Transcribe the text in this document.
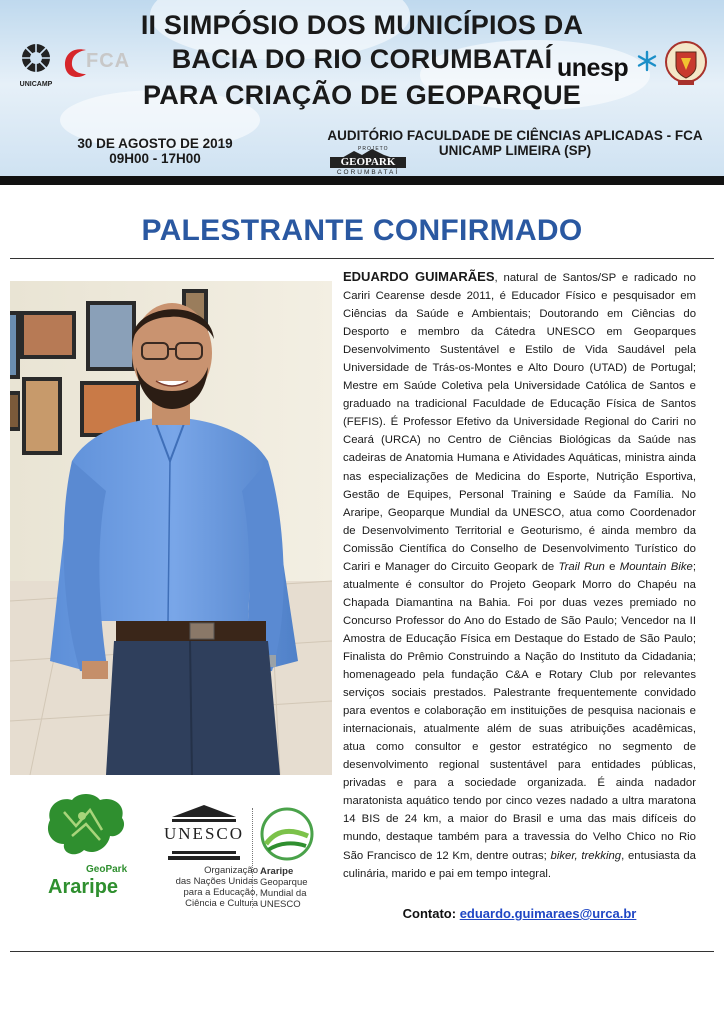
UNICAMP
FCA
II SIMPÓSIO DOS MUNICÍPIOS DA
BACIA DO RIO CORUMBATAÍ
PARA CRIAÇÃO DE GEOPARQUE
unesp
30 DE AGOSTO DE 2019
09H00 - 17H00
AUDITÓRIO FACULDADE DE CIÊNCIAS APLICADAS - FCA
UNICAMP LIMEIRA (SP)
PROJETO
GEOPARK
CORUMBATAÍ
PALESTRANTE CONFIRMADO
EDUARDO GUIMARÃES, natural de Santos/SP e radicado no Cariri Cearense desde 2011, é Educador Físico e pesquisador em Ciências da Saúde e Ambientais; Doutorando em Ciências do Desporto e membro da Cátedra UNESCO em Geoparques Desenvolvimento Sustentável e Estilo de Vida Saudável pela Universidade de Trás-os-Montes e Alto Douro (UTAD) de Portugal; Mestre em Saúde Coletiva pela Universidade Católica de Santos e graduado na tradicional Faculdade de Educação Física de Santos (FEFIS). É Professor Efetivo da Universidade Regional do Cariri no Ceará (URCA) no Centro de Ciências Biológicas da Saúde nas cadeiras de Anatomia Humana e Atividades Aquáticas, ministra ainda nas especializações de Medicina do Esporte, Nutrição Esportiva, Gestão de Equipes, Personal Training e Saúde da Família. No Araripe, Geoparque Mundial da UNESCO, atua como Coordenador de Desenvolvimento Territorial e Geoturismo, é ainda membro da Comissão Científica do Conselho de Desenvolvimento Turístico do Cariri e Manager do Circuito Geopark de Trail Run e Mountain Bike; atualmente é consultor do Projeto Geopark Morro do Chapéu na Chapada Diamantina na Bahia. Foi por duas vezes premiado no Concurso Professor do Ano do Estado de São Paulo; Vencedor na II Amostra de Educação Física em Destaque do Estado de São Paulo; Finalista do Prêmio Construindo a Nação do Instituto da Cidadania; homenageado pela fundação C&A e Rotary Club por relevantes serviços sociais prestados. Palestrante frequentemente convidado para eventos e colaboração em instituições de pesquisa nacionais e internacionais, atualmente além de suas atribuições acadêmicas, atua como consultor e gestor estratégico no segmento de desenvolvimento regional sustentável para entidades públicas, privadas e para a sociedade organizada. É ainda nadador maratonista aquático tendo por cinco vezes nadado a ultra maratona 14 BIS de 24 km, a maior do Brasil e uma das mais difíceis do mundo, destaque também para a travessia do Velho Chico no Rio São Francisco de 12 Km, dentre outras; biker, trekking, entusiasta da culinária, marido e pai em tempo integral.
Contato: eduardo.guimaraes@urca.br
GeoPark
Araripe
UNESCO
Organização
das Nações Unidas
para a Educação,
Ciência e Cultura
Araripe
Geoparque
Mundial da
UNESCO
